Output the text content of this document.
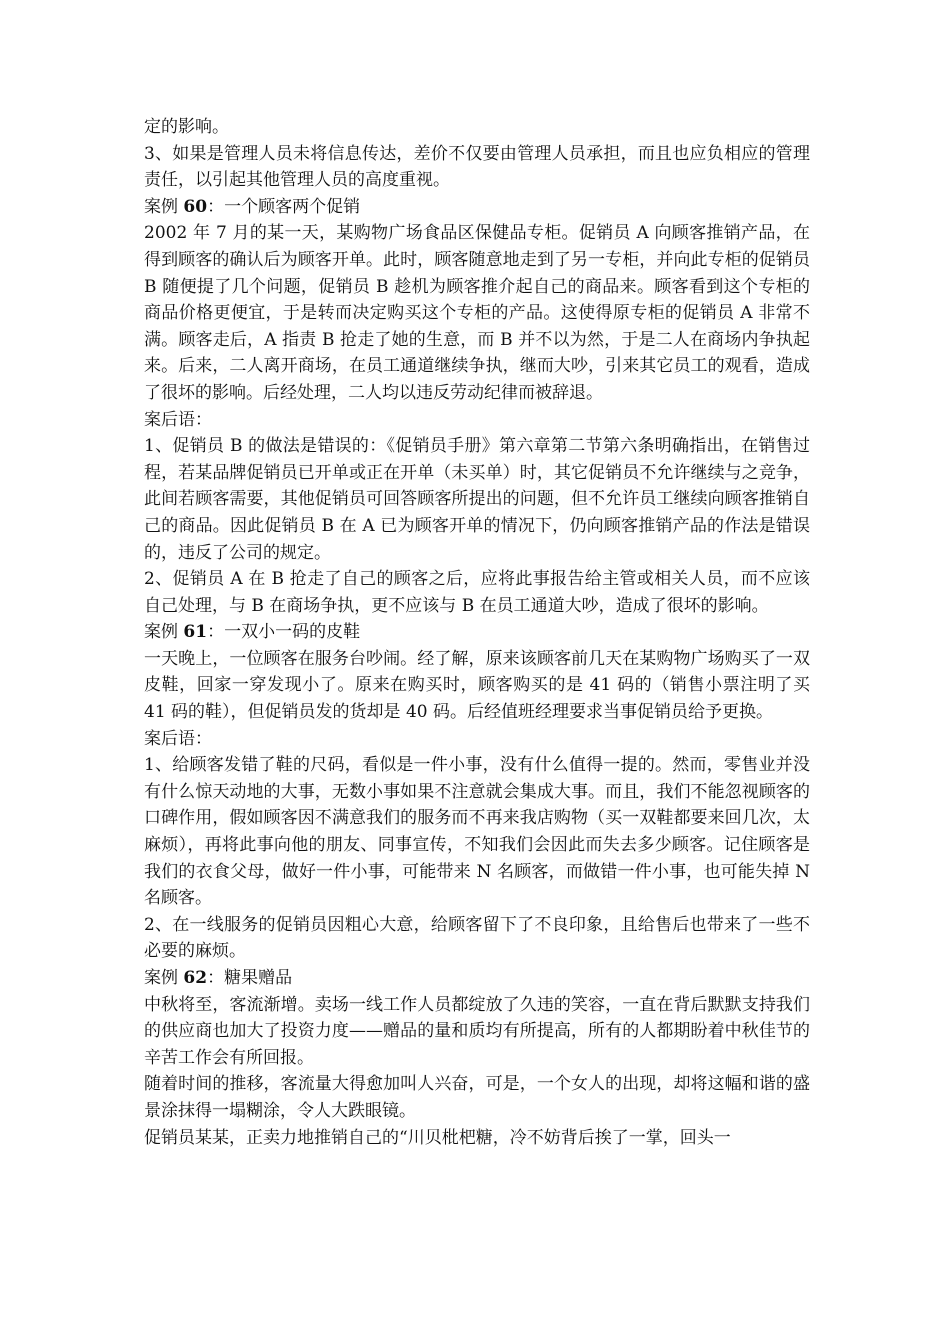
定的影响。

3、如果是管理人员未将信息传达，差价不仅要由管理人员承担，而且也应负相应的管理责任，以引起其他管理人员的高度重视。

案例 60：一个顾客两个促销

2002 年 7 月的某一天，某购物广场食品区保健品专柜。促销员 A 向顾客推销产品，在得到顾客的确认后为顾客开单。此时，顾客随意地走到了另一专柜，并向此专柜的促销员 B 随便提了几个问题，促销员 B 趁机为顾客推介起自己的商品来。顾客看到这个专柜的商品价格更便宜，于是转而决定购买这个专柜的产品。这使得原专柜的促销员 A 非常不满。顾客走后，A 指责 B 抢走了她的生意，而 B 并不以为然，于是二人在商场内争执起来。后来，二人离开商场，在员工通道继续争执，继而大吵，引来其它员工的观看，造成了很坏的影响。后经处理，二人均以违反劳动纪律而被辞退。

案后语：

1、促销员 B 的做法是错误的：《促销员手册》第六章第二节第六条明确指出，在销售过程，若某品牌促销员已开单或正在开单（未买单）时，其它促销员不允许继续与之竞争，此间若顾客需要，其他促销员可回答顾客所提出的问题，但不允许员工继续向顾客推销自己的商品。因此促销员 B 在 A 已为顾客开单的情况下，仍向顾客推销产品的作法是错误的，违反了公司的规定。

2、促销员 A 在 B 抢走了自己的顾客之后，应将此事报告给主管或相关人员，而不应该自己处理，与 B 在商场争执，更不应该与 B 在员工通道大吵，造成了很坏的影响。

案例 61：一双小一码的皮鞋

一天晚上，一位顾客在服务台吵闹。经了解，原来该顾客前几天在某购物广场购买了一双皮鞋，回家一穿发现小了。原来在购买时，顾客购买的是 41 码的（销售小票注明了买 41 码的鞋），但促销员发的货却是 40 码。后经值班经理要求当事促销员给予更换。

案后语：

1、给顾客发错了鞋的尺码，看似是一件小事，没有什么值得一提的。然而，零售业并没有什么惊天动地的大事，无数小事如果不注意就会集成大事。而且，我们不能忽视顾客的口碑作用，假如顾客因不满意我们的服务而不再来我店购物（买一双鞋都要来回几次，太麻烦），再将此事向他的朋友、同事宣传，不知我们会因此而失去多少顾客。记住顾客是我们的衣食父母，做好一件小事，可能带来 N 名顾客，而做错一件小事，也可能失掉 N 名顾客。

2、在一线服务的促销员因粗心大意，给顾客留下了不良印象，且给售后也带来了一些不必要的麻烦。

案例 62：糖果赠品

中秋将至，客流渐增。卖场一线工作人员都绽放了久违的笑容，一直在背后默默支持我们的供应商也加大了投资力度——赠品的量和质均有所提高，所有的人都期盼着中秋佳节的辛苦工作会有所回报。

随着时间的推移，客流量大得愈加叫人兴奋，可是，一个女人的出现，却将这幅和谐的盛景涂抹得一塌糊涂，令人大跌眼镜。

促销员某某，正卖力地推销自己的“川贝枇杷糖，冷不妨背后挨了一掌，回头一
